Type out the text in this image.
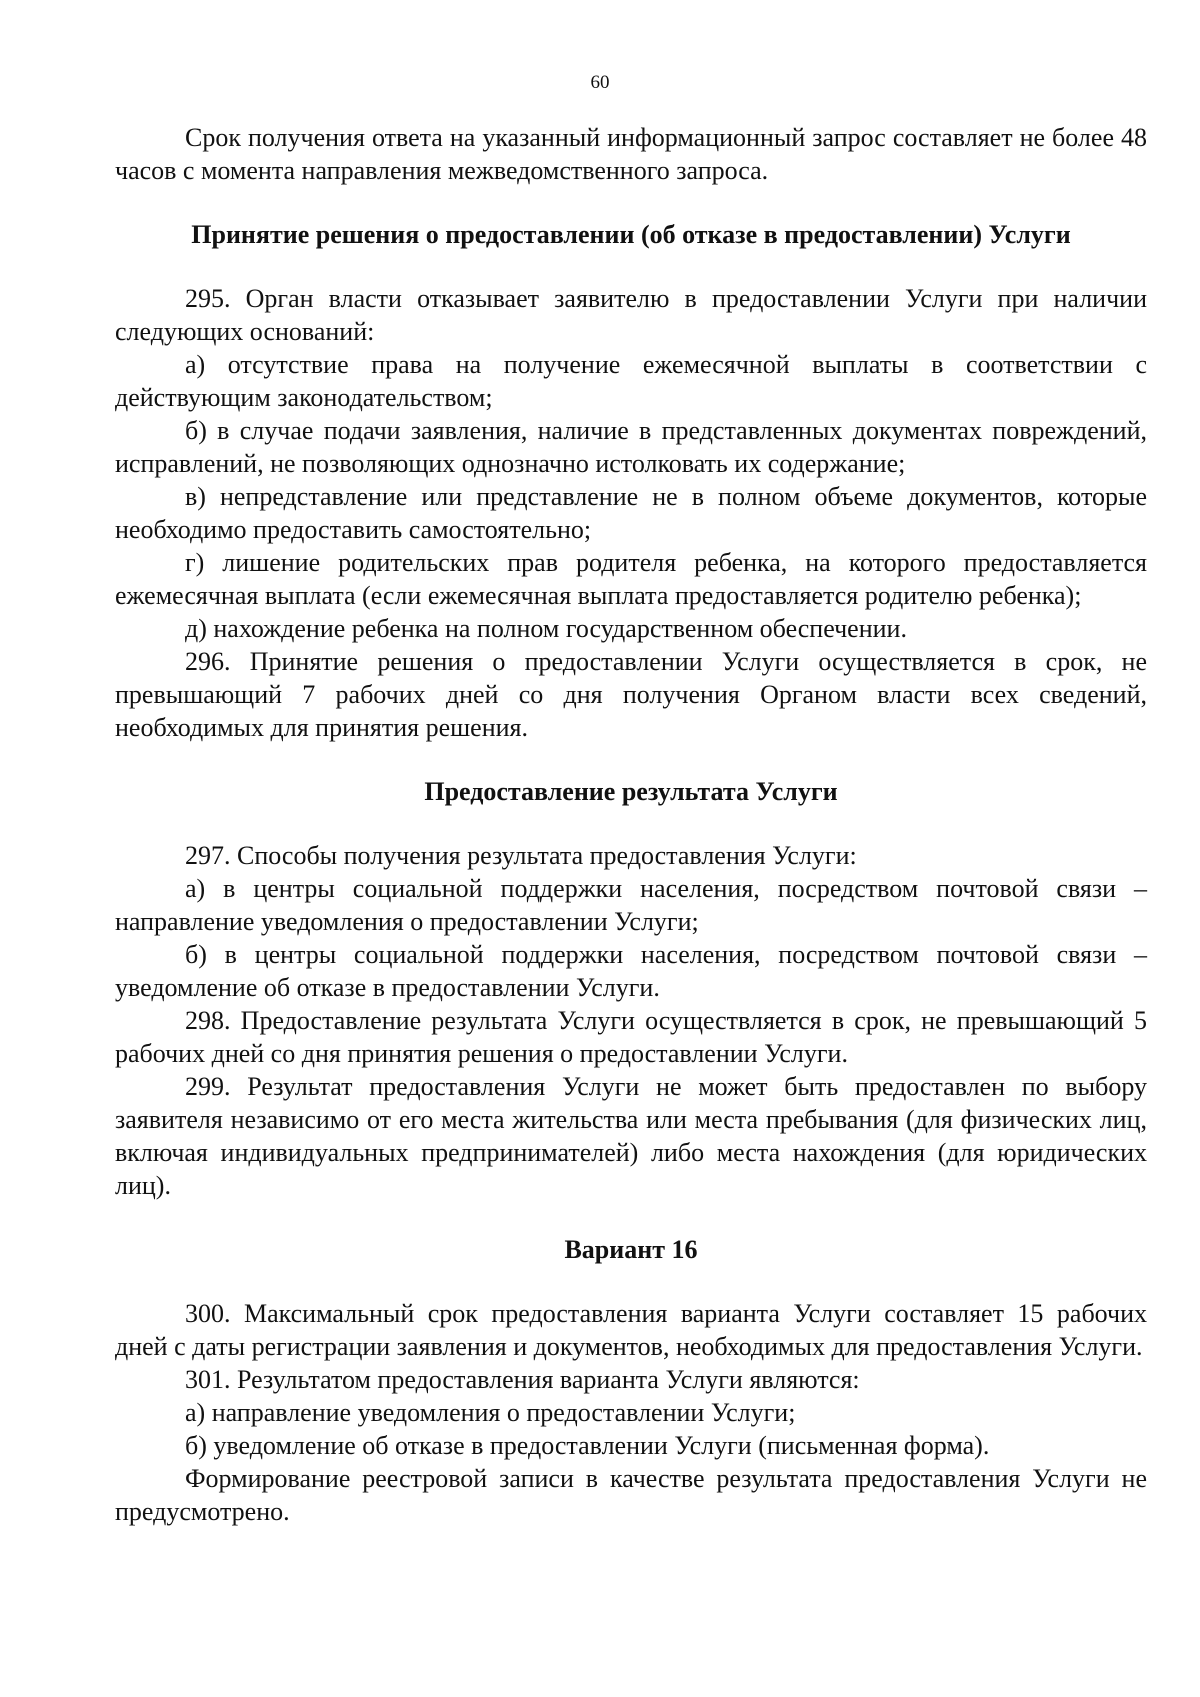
60

Срок получения ответа на указанный информационный запрос составляет не более 48 часов с момента направления межведомственного запроса.

Принятие решения о предоставлении (об отказе в предоставлении) Услуги

295. Орган власти отказывает заявителю в предоставлении Услуги при наличии следующих оснований:

а) отсутствие права на получение ежемесячной выплаты в соответствии с действующим законодательством;

б) в случае подачи заявления, наличие в представленных документах повреждений, исправлений, не позволяющих однозначно истолковать их содержание;

в) непредставление или представление не в полном объеме документов, которые необходимо предоставить самостоятельно;

г) лишение родительских прав родителя ребенка, на которого предоставляется ежемесячная выплата (если ежемесячная выплата предоставляется родителю ребенка);

д) нахождение ребенка на полном государственном обеспечении.

296. Принятие решения о предоставлении Услуги осуществляется в срок, не превышающий 7 рабочих дней со дня получения Органом власти всех сведений, необходимых для принятия решения.

Предоставление результата Услуги

297. Способы получения результата предоставления Услуги:

а) в центры социальной поддержки населения, посредством почтовой связи – направление уведомления о предоставлении Услуги;

б) в центры социальной поддержки населения, посредством почтовой связи – уведомление об отказе в предоставлении Услуги.

298. Предоставление результата Услуги осуществляется в срок, не превышающий 5 рабочих дней со дня принятия решения о предоставлении Услуги.

299. Результат предоставления Услуги не может быть предоставлен по выбору заявителя независимо от его места жительства или места пребывания (для физических лиц, включая индивидуальных предпринимателей) либо места нахождения (для юридических лиц).

Вариант 16

300. Максимальный срок предоставления варианта Услуги составляет 15 рабочих дней с даты регистрации заявления и документов, необходимых для предоставления Услуги.

301. Результатом предоставления варианта Услуги являются:

а) направление уведомления о предоставлении Услуги;

б) уведомление об отказе в предоставлении Услуги (письменная форма).

Формирование реестровой записи в качестве результата предоставления Услуги не предусмотрено.
